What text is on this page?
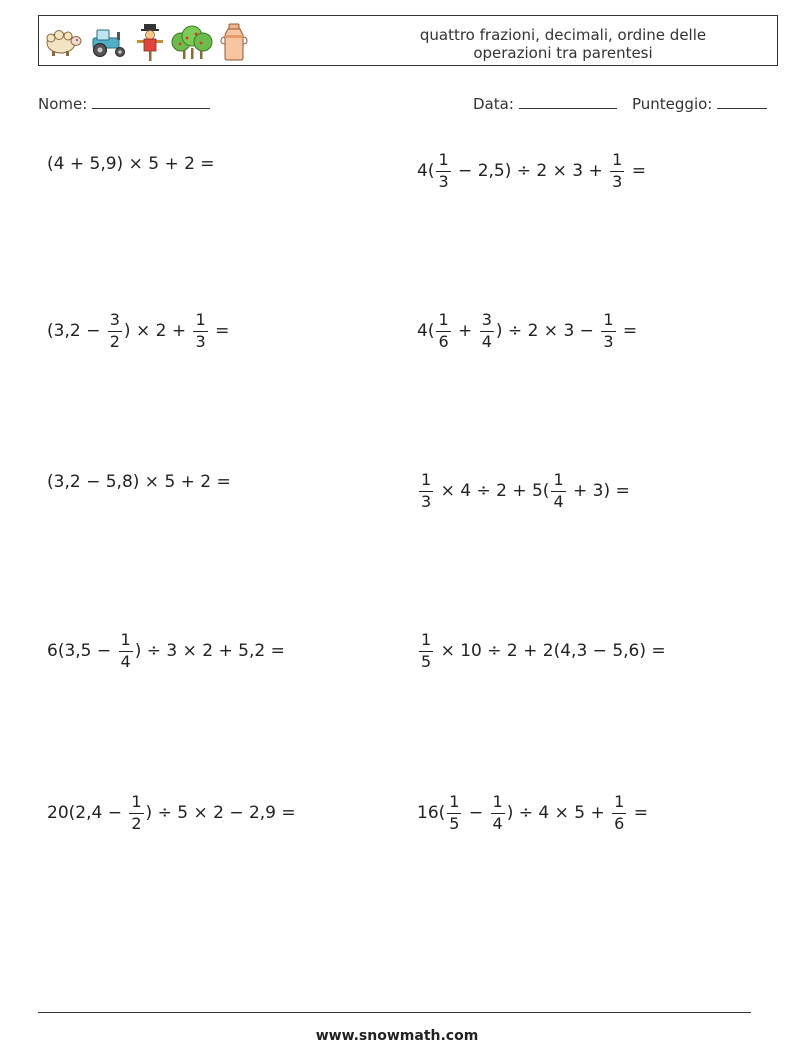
quattro frazioni, decimali, ordine delle
operazioni tra parentesi
Nome:	Data:	Punteggio:
(4 + 5,9) × 5 + 2 =	$4( \frac{1}{3} - 2,5) \div 2 \times 3 + \frac{1}{3}$ =
($3,2 - \frac{3}{2}$ ) × $2 + \frac{1}{3}$ =	$4( \frac{1}{6} + \frac{3}{4}$ ) ÷ $2 \times 3 - \frac{1}{3}$ =
(3,2 − 5,8) × 5 + 2 =	$\frac{1}{3} \times 4 \div 2 + 5( \frac{1}{4} + 3)$ =
$6(3,5 - \frac{1}{4}$ ) ÷ 3 × 2 + 5,2 =	$\frac{1}{5} \times 10 \div 2 + 2(4,3 - 5,6)$ =
$20(2,4 - \frac{1}{2}$ ) ÷ 5 × 2 − 2,9 =	$16( \frac{1}{5} - \frac{1}{4}$ ) ÷ $4 \times 5 + \frac{1}{6}$ =
www.snowmath.com
